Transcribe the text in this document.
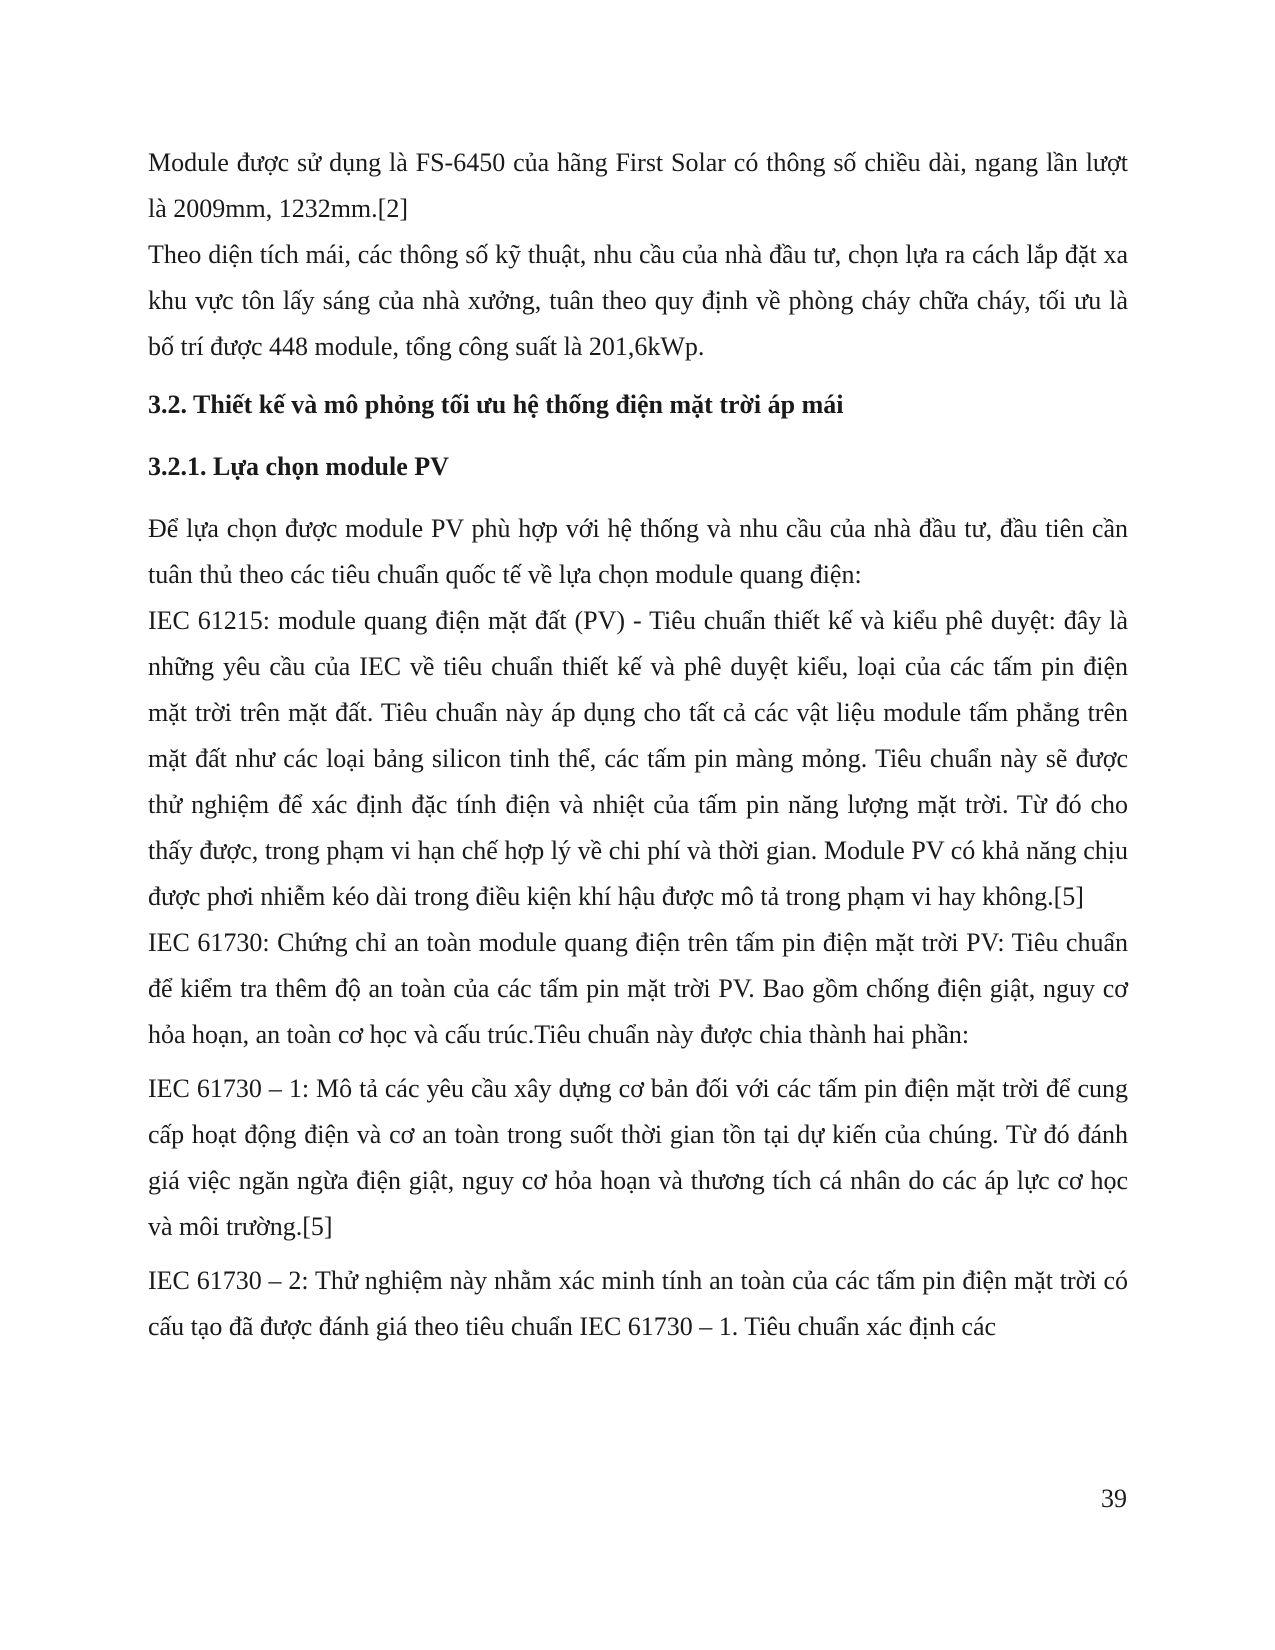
Module được sử dụng là FS-6450 của hãng First Solar có thông số chiều dài, ngang lần lượt là 2009mm, 1232mm.[2]

Theo diện tích mái, các thông số kỹ thuật, nhu cầu của nhà đầu tư, chọn lựa ra cách lắp đặt xa khu vực tôn lấy sáng của nhà xưởng, tuân theo quy định về phòng cháy chữa cháy, tối ưu là bố trí được 448 module, tổng công suất là 201,6kWp.

3.2. Thiết kế và mô phỏng tối ưu hệ thống điện mặt trời áp mái
3.2.1. Lựa chọn module PV

Để lựa chọn được module PV phù hợp với hệ thống và nhu cầu của nhà đầu tư, đầu tiên cần tuân thủ theo các tiêu chuẩn quốc tế về lựa chọn module quang điện:

IEC 61215: module quang điện mặt đất (PV) - Tiêu chuẩn thiết kế và kiểu phê duyệt: đây là những yêu cầu của IEC về tiêu chuẩn thiết kế và phê duyệt kiểu, loại của các tấm pin điện mặt trời trên mặt đất. Tiêu chuẩn này áp dụng cho tất cả các vật liệu module tấm phẳng trên mặt đất như các loại bảng silicon tinh thể, các tấm pin màng mỏng. Tiêu chuẩn này sẽ được thử nghiệm để xác định đặc tính điện và nhiệt của tấm pin năng lượng mặt trời. Từ đó cho thấy được, trong phạm vi hạn chế hợp lý về chi phí và thời gian. Module PV có khả năng chịu được phơi nhiễm kéo dài trong điều kiện khí hậu được mô tả trong phạm vi hay không.[5]

IEC 61730: Chứng chỉ an toàn module quang điện trên tấm pin điện mặt trời PV: Tiêu chuẩn để kiểm tra thêm độ an toàn của các tấm pin mặt trời PV. Bao gồm chống điện giật, nguy cơ hỏa hoạn, an toàn cơ học và cấu trúc.Tiêu chuẩn này được chia thành hai phần:

IEC 61730 – 1: Mô tả các yêu cầu xây dựng cơ bản đối với các tấm pin điện mặt trời để cung cấp hoạt động điện và cơ an toàn trong suốt thời gian tồn tại dự kiến của chúng. Từ đó đánh giá việc ngăn ngừa điện giật, nguy cơ hỏa hoạn và thương tích cá nhân do các áp lực cơ học và môi trường.[5]

IEC 61730 – 2: Thử nghiệm này nhằm xác minh tính an toàn của các tấm pin điện mặt trời có cấu tạo đã được đánh giá theo tiêu chuẩn IEC 61730 – 1. Tiêu chuẩn xác định các

39
